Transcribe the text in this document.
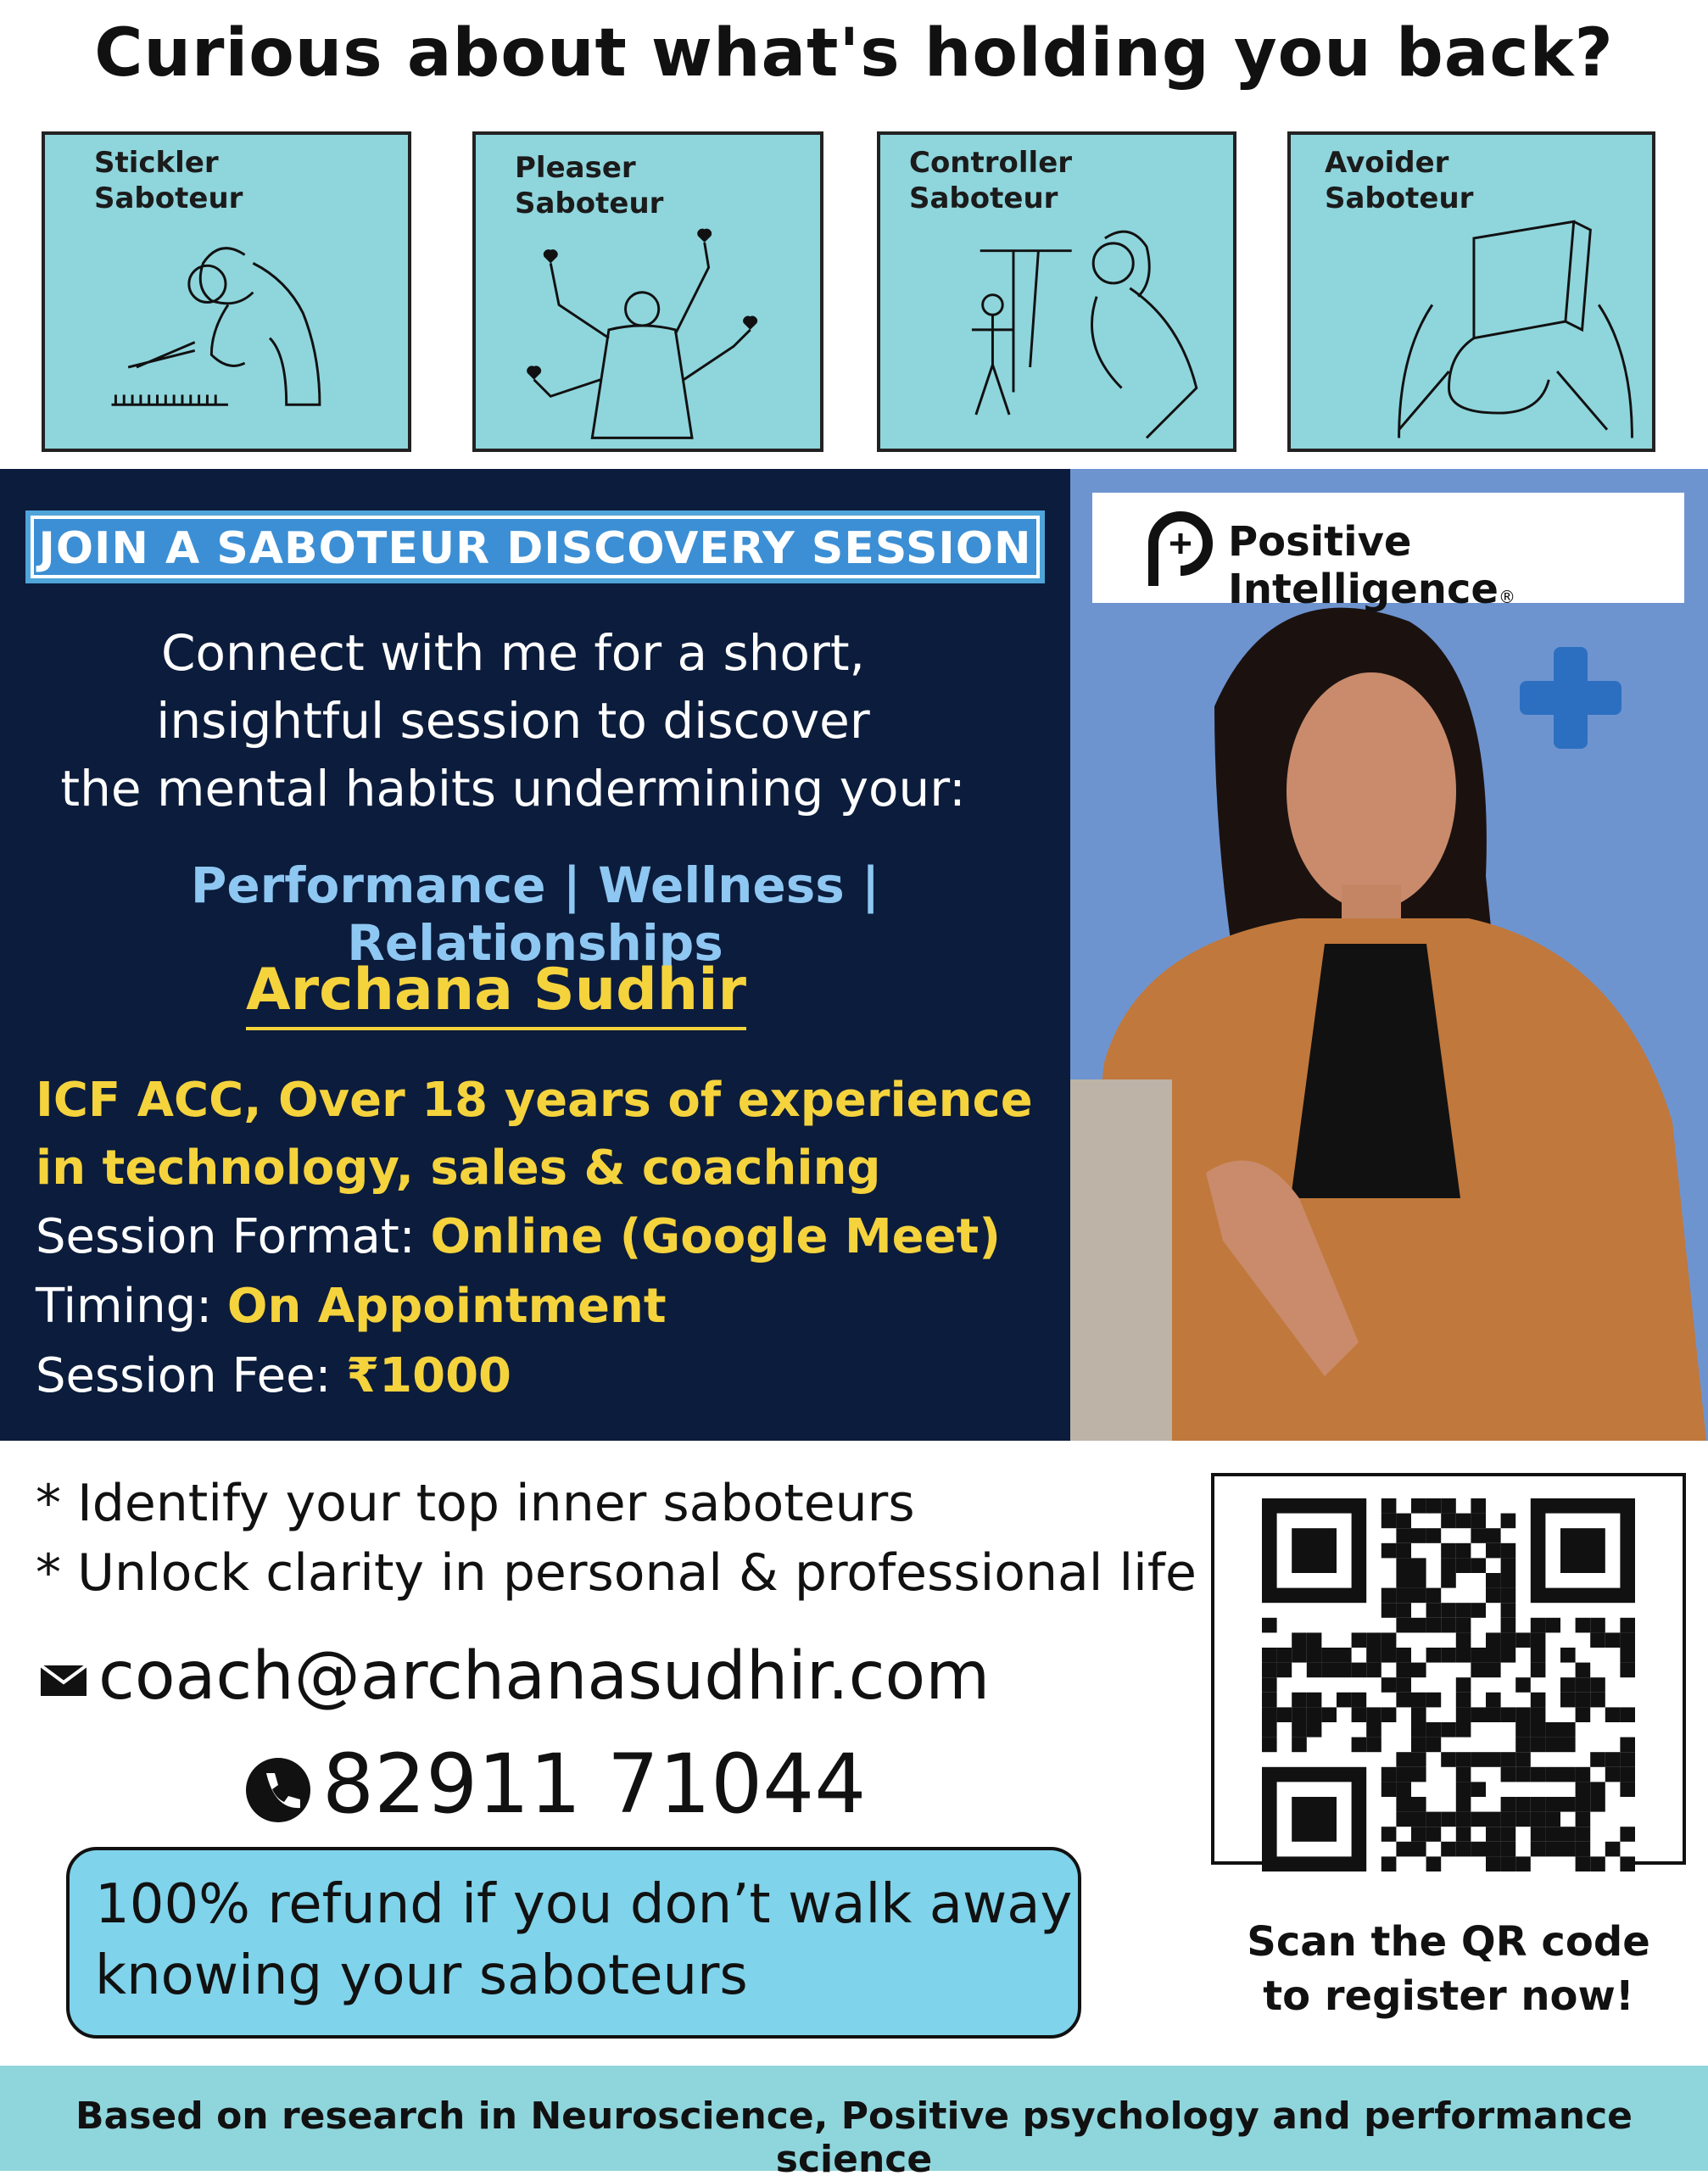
Curious about what's holding you back?
Stickler
Saboteur
Pleaser
Saboteur
Controller
Saboteur
Avoider
Saboteur
JOIN A SABOTEUR DISCOVERY SESSION
Connect with me for a short,
insightful session to discover
the mental habits undermining your:
Performance | Wellness | Relationships
Archana Sudhir
ICF ACC, Over 18 years of experience
in technology, sales & coaching
Session Format: Online (Google Meet)
Timing: On Appointment
Session Fee: ₹1000
Positive Intelligence®
* Identify your top inner saboteurs
* Unlock clarity in personal & professional life
coach@archanasudhir.com
82911 71044
100% refund if you don’t walk away
knowing your saboteurs
Scan the QR code
to register now!
Based on research in Neuroscience, Positive psychology and performance science
